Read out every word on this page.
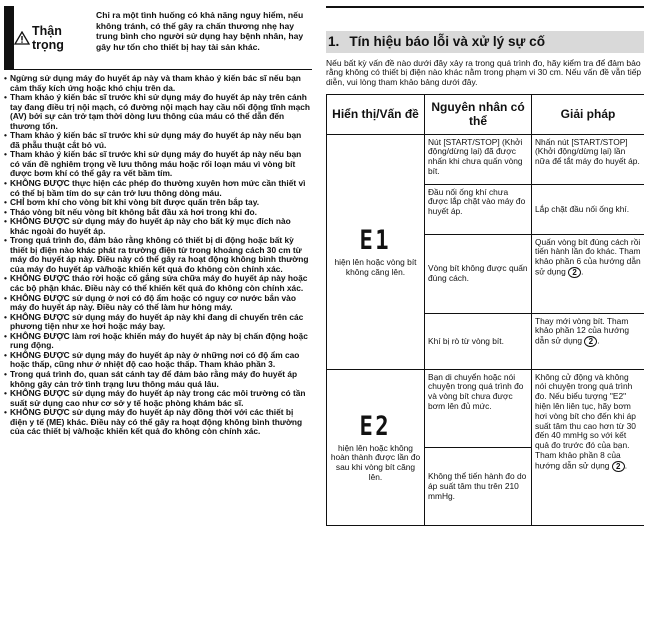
Thận trọng
Chỉ ra một tình huống có khả năng nguy hiểm, nếu không tránh, có thể gây ra chấn thương nhẹ hay trung bình cho người sử dụng hay bệnh nhân, hay gây hư tổn cho thiết bị hay tài sản khác.
• Ngừng sử dụng máy đo huyết áp này và tham khảo ý kiến bác sĩ nếu bạn cảm thấy kích ứng hoặc khó chịu trên da.
• Tham khảo ý kiến bác sĩ trước khi sử dụng máy đo huyết áp này trên cánh tay đang điều trị nội mạch, có đường nội mạch hay cầu nối động tĩnh mạch (AV) bởi sự cản trở tạm thời dòng lưu thông của máu có thể dẫn đến thương tổn.
• Tham khảo ý kiến bác sĩ trước khi sử dụng máy đo huyết áp này nếu bạn đã phẫu thuật cắt bỏ vú.
• Tham khảo ý kiến bác sĩ trước khi sử dụng máy đo huyết áp này nếu bạn có vấn đề nghiêm trọng về lưu thông máu hoặc rối loạn máu vì vòng bít được bơm khí có thể gây ra vết bầm tím.
• KHÔNG ĐƯỢC thực hiện các phép đo thường xuyên hơn mức cần thiết vì có thể bị bầm tím do sự cản trở lưu thông dòng máu.
• CHỈ bơm khí cho vòng bít khi vòng bít được quấn trên bắp tay.
• Tháo vòng bít nếu vòng bít không bắt đầu xả hơi trong khi đo.
• KHÔNG ĐƯỢC sử dụng máy đo huyết áp này cho bất kỳ mục đích nào khác ngoài đo huyết áp.
• Trong quá trình đo, đảm bảo rằng không có thiết bị di động hoặc bất kỳ thiết bị điện nào khác phát ra trường điện từ trong khoảng cách 30 cm từ máy đo huyết áp này. Điều này có thể gây ra hoạt động không bình thường của máy đo huyết áp và/hoặc khiến kết quả đo không còn chính xác.
• KHÔNG ĐƯỢC tháo rời hoặc cố gắng sửa chữa máy đo huyết áp này hoặc các bộ phận khác. Điều này có thể khiến kết quả đo không còn chính xác.
• KHÔNG ĐƯỢC sử dụng ở nơi có độ ẩm hoặc có nguy cơ nước bắn vào máy đo huyết áp này. Điều này có thể làm hư hỏng máy.
• KHÔNG ĐƯỢC sử dụng máy đo huyết áp này khi đang di chuyển trên các phương tiện như xe hơi hoặc máy bay.
• KHÔNG ĐƯỢC làm rơi hoặc khiến máy đo huyết áp này bị chấn động hoặc rung động.
• KHÔNG ĐƯỢC sử dụng máy đo huyết áp này ở những nơi có độ ẩm cao hoặc thấp, cũng như ở nhiệt độ cao hoặc thấp. Tham khảo phần 3.
• Trong quá trình đo, quan sát cánh tay để đảm bảo rằng máy đo huyết áp không gây cản trở tình trạng lưu thông máu quá lâu.
• KHÔNG ĐƯỢC sử dụng máy đo huyết áp này trong các môi trường có tần suất sử dụng cao như cơ sở y tế hoặc phòng khám bác sĩ.
• KHÔNG ĐƯỢC sử dụng máy đo huyết áp này đồng thời với các thiết bị điện y tế (ME) khác. Điều này có thể gây ra hoạt động không bình thường của các thiết bị và/hoặc khiến kết quả đo không còn chính xác.
1. Tín hiệu báo lỗi và xử lý sự cố

Nếu bất kỳ vấn đề nào dưới đây xảy ra trong quá trình đo, hãy kiểm tra để đảm bảo rằng không có thiết bị điện nào khác nằm trong phạm vi 30 cm. Nếu vấn đề vẫn tiếp diễn, vui lòng tham khảo bảng dưới đây.

Hiển thị/Vấn đề	Nguyên nhân có thể	Giải pháp
E1
hiện lên hoặc vòng bít không căng lên.	Nút [START/STOP] (Khởi động/dừng lại) đã được nhấn khi chưa quấn vòng bít.	Nhấn nút [START/STOP] (Khởi động/dừng lại) lần nữa để tắt máy đo huyết áp.
	Đầu nối ống khí chưa được lắp chặt vào máy đo huyết áp.	Lắp chặt đầu nối ống khí.
	Vòng bít không được quấn đúng cách.	Quấn vòng bít đúng cách rồi tiến hành lần đo khác. Tham khảo phần 6 của hướng dẫn sử dụng 2 .
	Khí bị rò từ vòng bít.	Thay mới vòng bít. Tham khảo phần 12 của hướng dẫn sử dụng 2 .
E2
hiện lên hoặc không hoàn thành được lần đo sau khi vòng bít căng lên.	Bạn di chuyển hoặc nói chuyện trong quá trình đo và vòng bít chưa được bơm lên đủ mức.	Không cử động và không nói chuyện trong quá trình đo. Nếu biểu tượng "E2" hiện lên liên tục, hãy bơm hơi vòng bít cho đến khi áp suất tâm thu cao hơn từ 30 đến 40 mmHg so với kết quả đo trước đó của bạn. Tham khảo phần 8 của hướng dẫn sử dụng 2 .
	Không thể tiến hành đo do áp suất tâm thu trên 210 mmHg.	
